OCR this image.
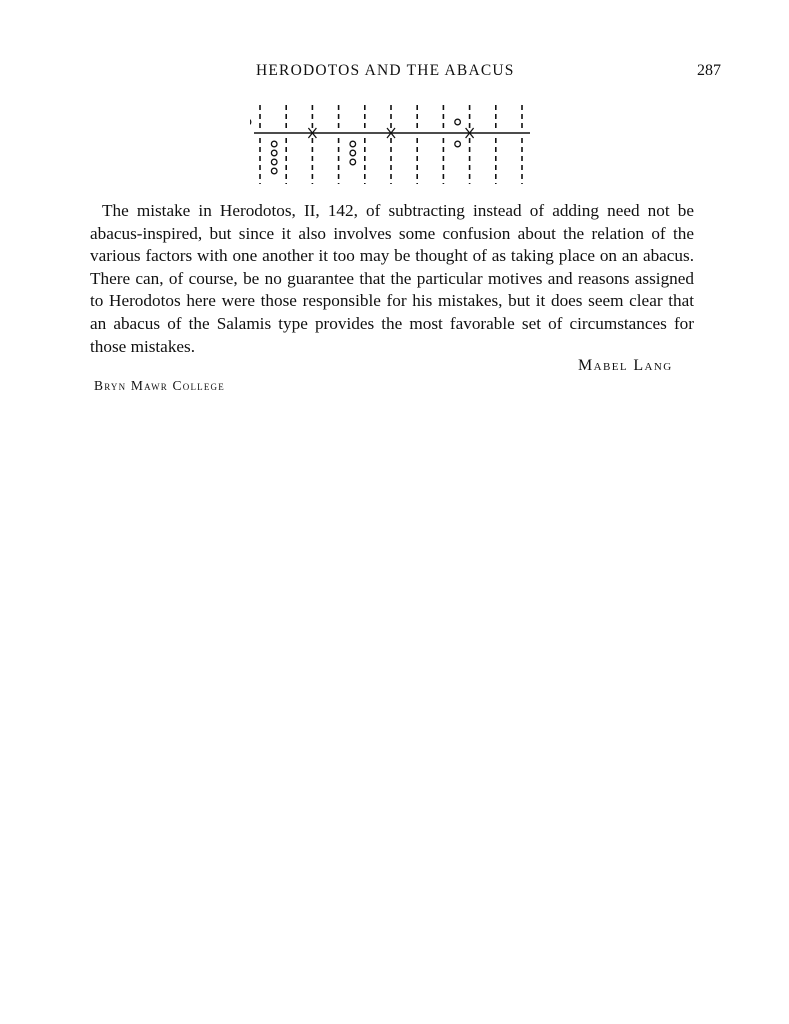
HERODOTOS AND THE ABACUS	287

The mistake in Herodotos, II, 142, of subtracting instead of adding need not be abacus-inspired, but since it also involves some confusion about the relation of the various factors with one another it too may be thought of as taking place on an abacus. There can, of course, be no guarantee that the particular motives and reasons assigned to Herodotos here were those responsible for his mistakes, but it does seem clear that an abacus of the Salamis type provides the most favorable set of circumstances for those mistakes.

Mabel Lang
Bryn Mawr College
